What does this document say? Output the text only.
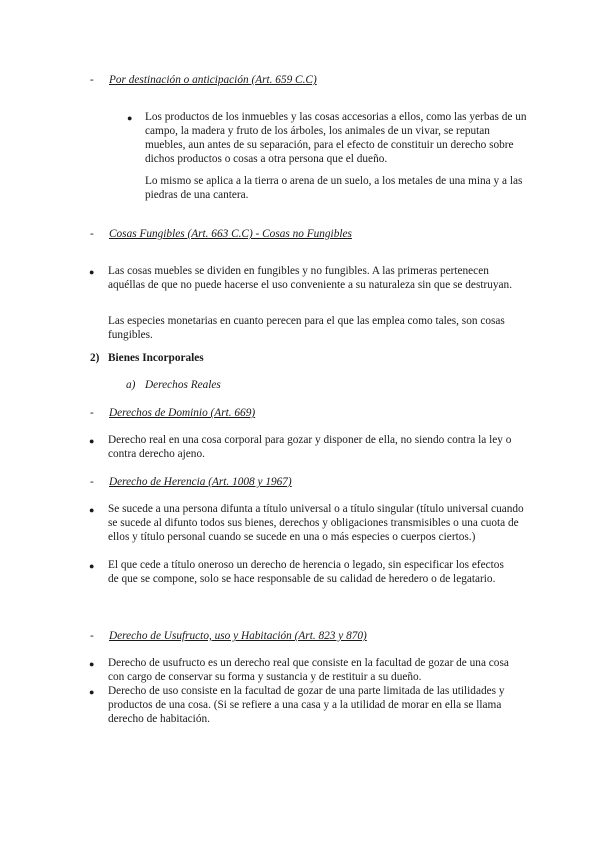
- Por destinación o anticipación (Art. 659 C.C)
● Los productos de los inmuebles y las cosas accesorias a ellos, como las yerbas de un campo, la madera y fruto de los árboles, los animales de un vivar, se reputan muebles, aun antes de su separación, para el efecto de constituir un derecho sobre dichos productos o cosas a otra persona que el dueño.
Lo mismo se aplica a la tierra o arena de un suelo, a los metales de una mina y a las piedras de una cantera.
- Cosas Fungibles (Art. 663 C.C) - Cosas no Fungibles
● Las cosas muebles se dividen en fungibles y no fungibles. A las primeras pertenecen aquéllas de que no puede hacerse el uso conveniente a su naturaleza sin que se destruyan.
Las especies monetarias en cuanto perecen para el que las emplea como tales, son cosas fungibles.
2) Bienes Incorporales
a) Derechos Reales
- Derechos de Dominio (Art. 669)
● Derecho real en una cosa corporal para gozar y disponer de ella, no siendo contra la ley o contra derecho ajeno.
- Derecho de Herencia (Art. 1008 y 1967)
● Se sucede a una persona difunta a título universal o a título singular (título universal cuando se sucede al difunto todos sus bienes, derechos y obligaciones transmisibles o una cuota de ellos y título personal cuando se sucede en una o más especies o cuerpos ciertos.)
● El que cede a título oneroso un derecho de herencia o legado, sin especificar los efectos de que se compone, solo se hace responsable de su calidad de heredero o de legatario.
- Derecho de Usufructo, uso y Habitación (Art. 823 y 870)
● Derecho de usufructo es un derecho real que consiste en la facultad de gozar de una cosa con cargo de conservar su forma y sustancia y de restituir a su dueño.
● Derecho de uso consiste en la facultad de gozar de una parte limitada de las utilidades y productos de una cosa. (Si se refiere a una casa y a la utilidad de morar en ella se llama derecho de habitación.
